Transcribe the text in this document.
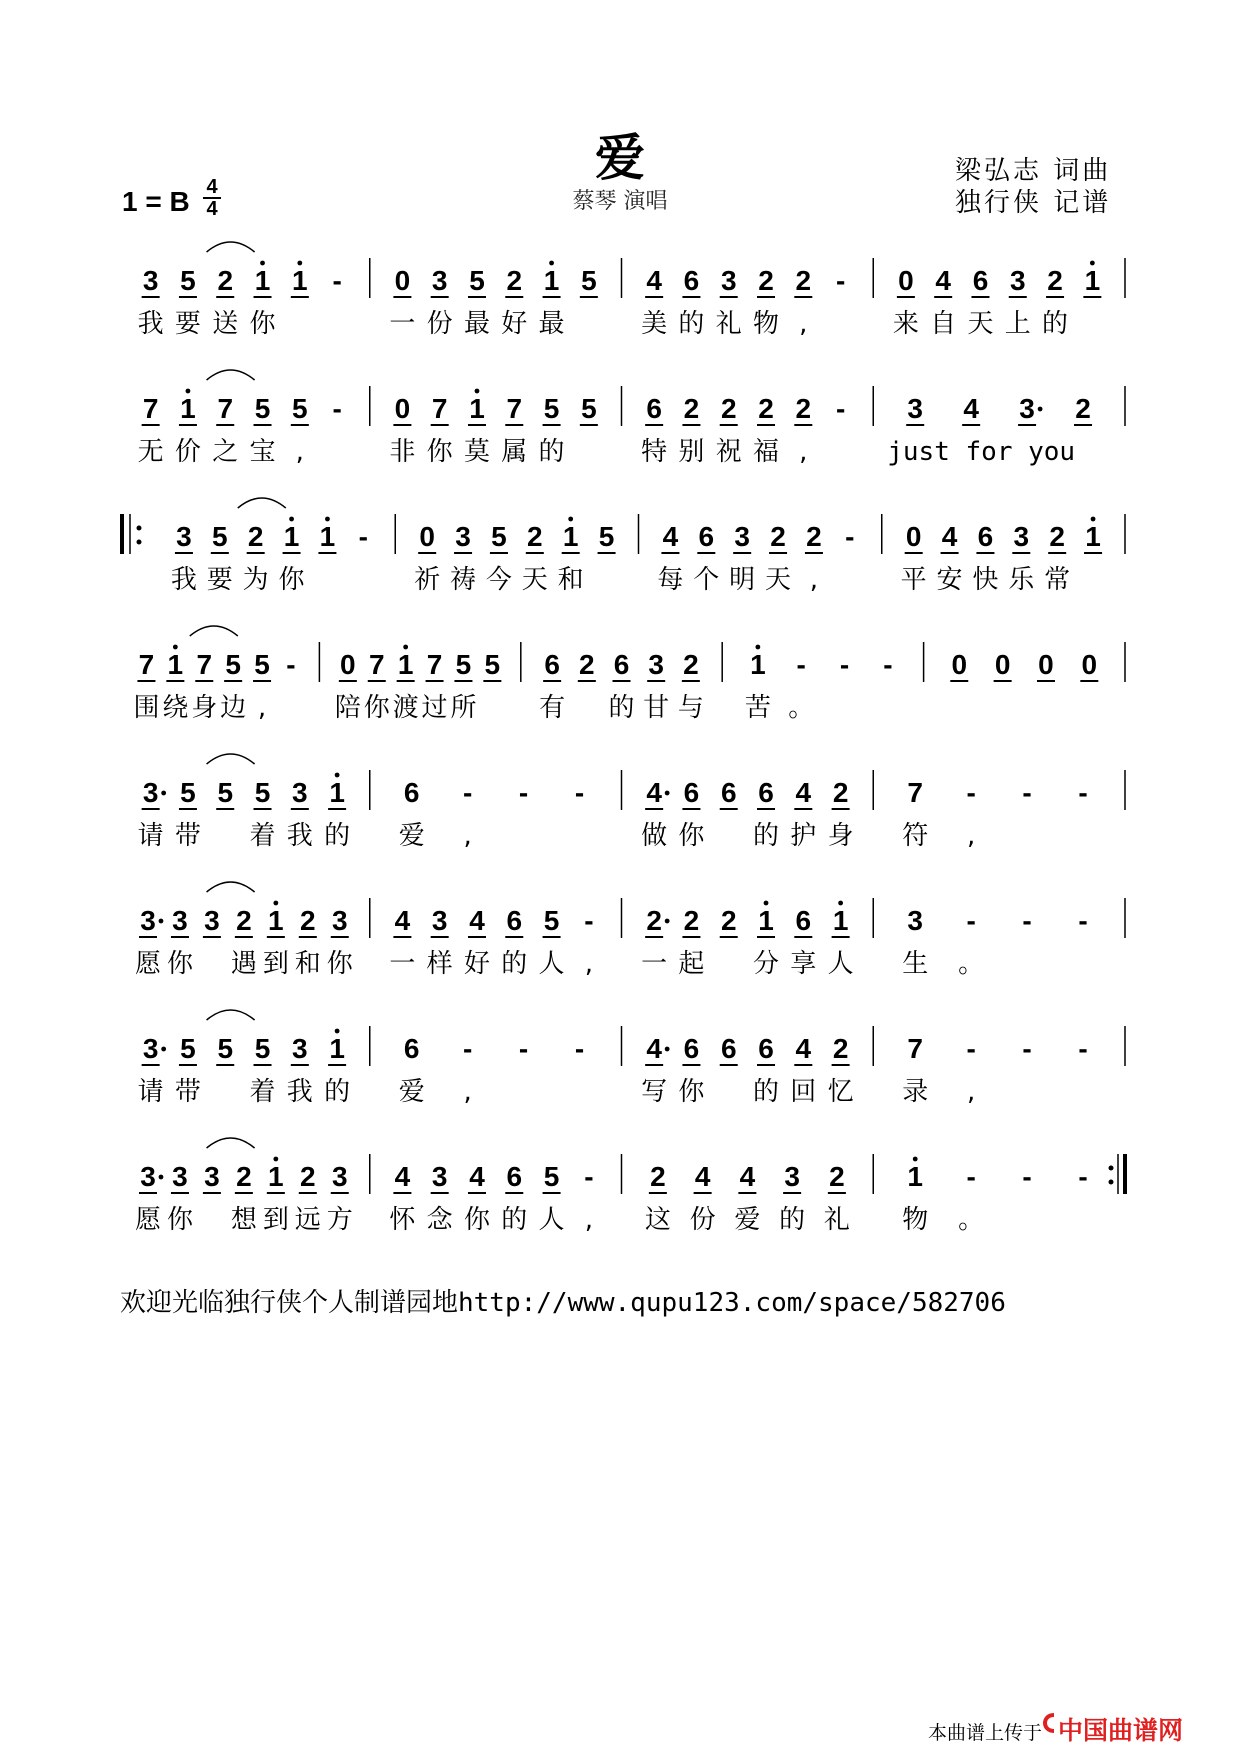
爱
蔡琴 演唱
梁弘志 词曲
独行侠 记谱
1 = B 4
4
3 5 2 1 1 -
我 要 送 你
0 3 5 2 1 5
一 份 最 好 最
4 6 3 2 2 -
美 的 礼 物 ,
0 4 6 3 2 1
来 自 天 上 的
7 1 7 5 5 -
无 价 之 宝 ,
0 7 1 7 5 5
非 你 莫 属 的
6 2 2 2 2 -
特 别 祝 福 ,
3 4 3 2
just for you
3 5 2 1 1 -
我 要 为 你
0 3 5 2 1 5
祈 祷 今 天 和
4 6 3 2 2 -
每 个 明 天 ,
0 4 6 3 2 1
平 安 快 乐 常
7 1 7 5 5 -
围 绕 身 边 ,
0 7 1 7 5 5
陪 你 渡 过 所
6 2 6 3 2
有 的 甘 与
1 - - -
苦 。
0 0 0 0
3 5 5 5 3 1
请 带 着 我 的
6 - - -
爱 ,
4 6 6 6 4 2
做 你 的 护 身
7 - - -
符 ,
3 3 3 2 1 2 3
愿 你 遇 到 和 你
4 3 4 6 5 -
一 样 好 的 人 ,
2 2 2 1 6 1
一 起 分 享 人
3 - - -
生 。
3 5 5 5 3 1
请 带 着 我 的
6 - - -
爱 ,
4 6 6 6 4 2
写 你 的 回 忆
7 - - -
录 ,
3 3 3 2 1 2 3
愿 你 想 到 远 方
4 3 4 6 5 -
怀 念 你 的 人 ,
2 4 4 3 2
这 份 爱 的 礼
1 - - -
物 。
欢迎光临独行侠个人制谱园地http://www.qupu123.com/space/582706
本曲谱上传于 中国曲谱网
